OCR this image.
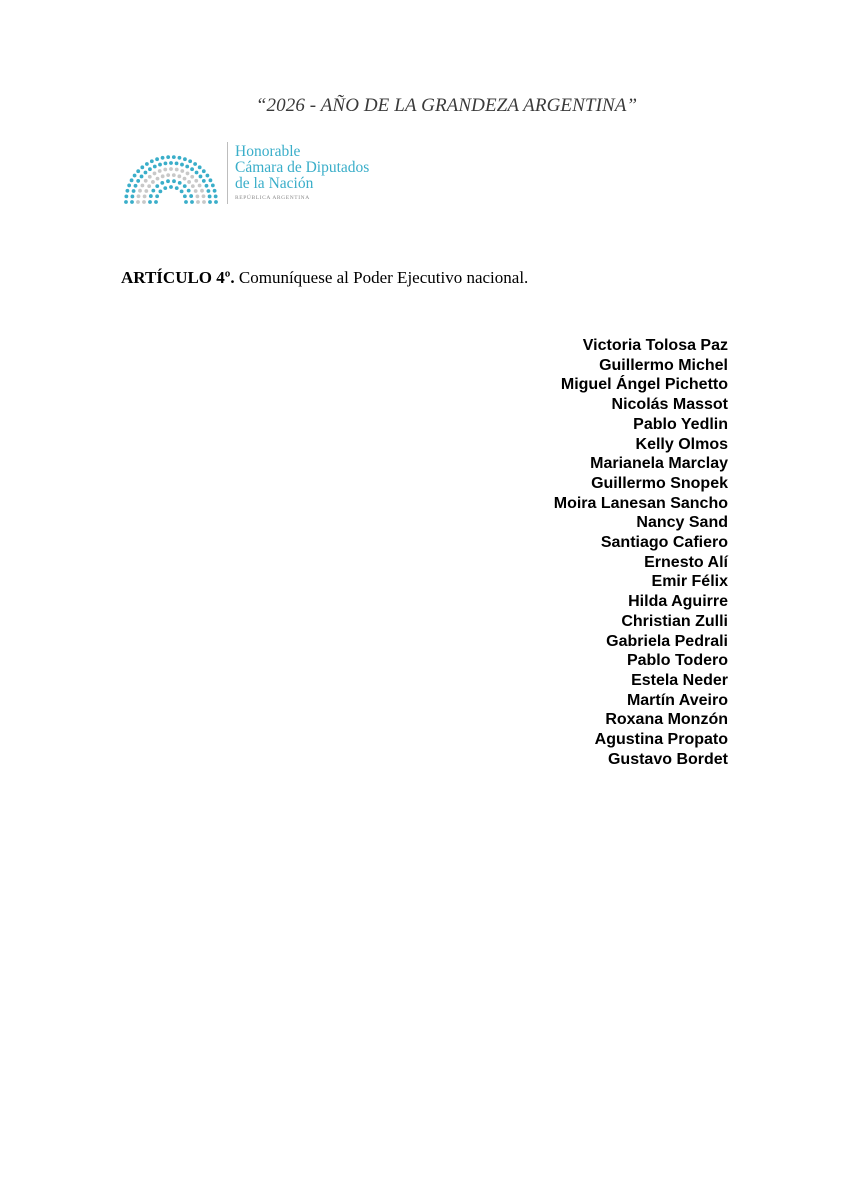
“2026 - AÑO DE LA GRANDEZA ARGENTINA”
Honorable
Cámara de Diputados
de la Nación
REPÚBLICA ARGENTINA
ARTÍCULO 4º. Comuníquese al Poder Ejecutivo nacional.
Victoria Tolosa Paz
Guillermo Michel
Miguel Ángel Pichetto
Nicolás Massot
Pablo Yedlin
Kelly Olmos
Marianela Marclay
Guillermo Snopek
Moira Lanesan Sancho
Nancy Sand
Santiago Cafiero
Ernesto Alí
Emir Félix
Hilda Aguirre
Christian Zulli
Gabriela Pedrali
Pablo Todero
Estela Neder
Martín Aveiro
Roxana Monzón
Agustina Propato
Gustavo Bordet
